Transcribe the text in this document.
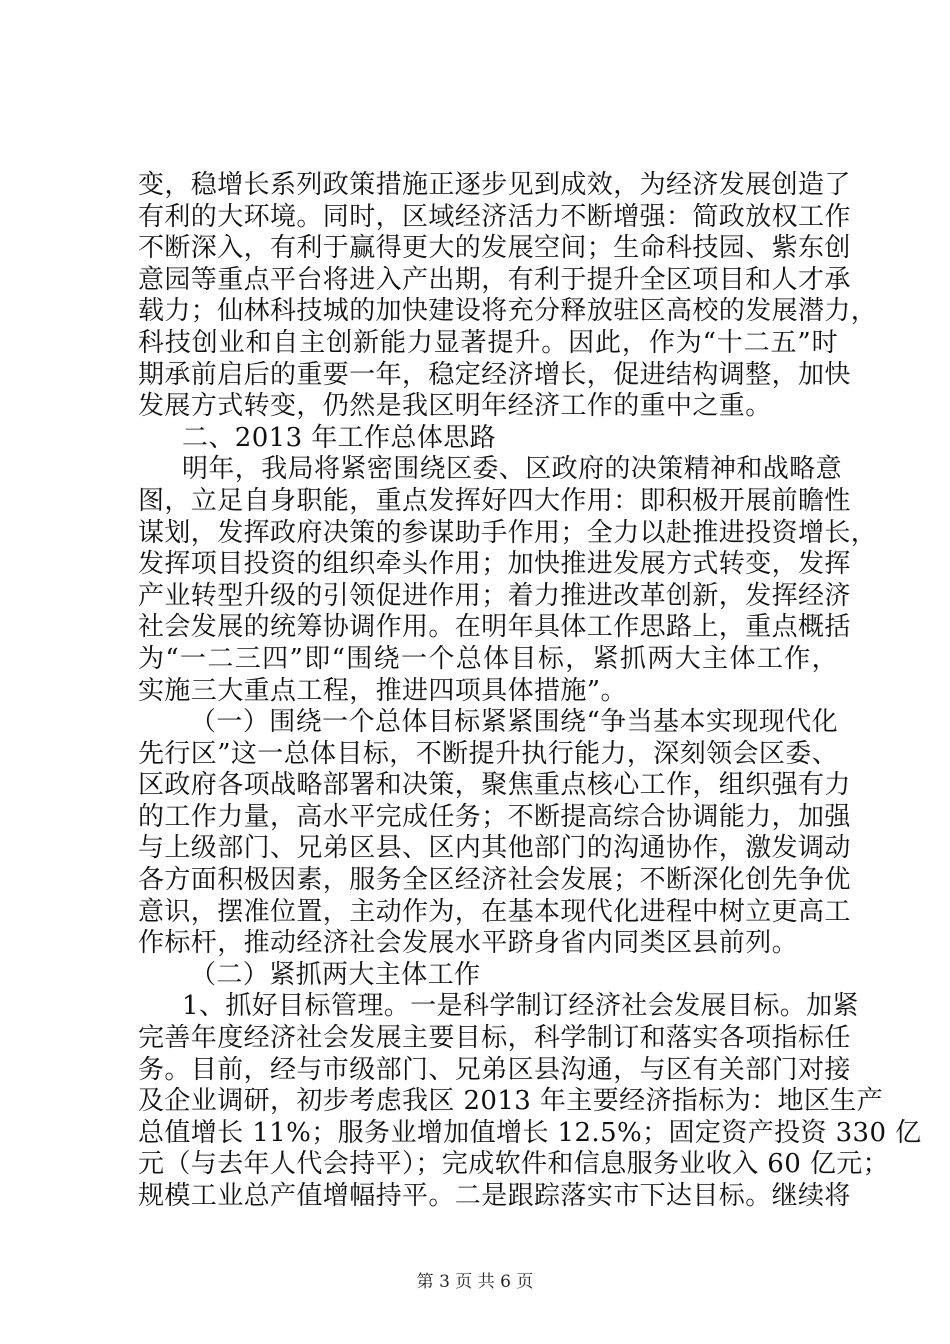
变，稳增长系列政策措施正逐步见到成效，为经济发展创造了
有利的大环境。同时，区域经济活力不断增强：简政放权工作
不断深入，有利于赢得更大的发展空间；生命科技园、紫东创
意园等重点平台将进入产出期，有利于提升全区项目和人才承
载力；仙林科技城的加快建设将充分释放驻区高校的发展潜力，
科技创业和自主创新能力显著提升。因此，作为“十二五”时
期承前启后的重要一年，稳定经济增长，促进结构调整，加快
发展方式转变，仍然是我区明年经济工作的重中之重。
二、2013 年工作总体思路
明年，我局将紧密围绕区委、区政府的决策精神和战略意
图，立足自身职能，重点发挥好四大作用：即积极开展前瞻性
谋划，发挥政府决策的参谋助手作用；全力以赴推进投资增长，
发挥项目投资的组织牵头作用；加快推进发展方式转变，发挥
产业转型升级的引领促进作用；着力推进改革创新，发挥经济
社会发展的统筹协调作用。在明年具体工作思路上，重点概括
为“一二三四”即“围绕一个总体目标，紧抓两大主体工作，
实施三大重点工程，推进四项具体措施”。
（一）围绕一个总体目标紧紧围绕“争当基本实现现代化
先行区”这一总体目标，不断提升执行能力，深刻领会区委、
区政府各项战略部署和决策，聚焦重点核心工作，组织强有力
的工作力量，高水平完成任务；不断提高综合协调能力，加强
与上级部门、兄弟区县、区内其他部门的沟通协作，激发调动
各方面积极因素，服务全区经济社会发展；不断深化创先争优
意识，摆准位置，主动作为，在基本现代化进程中树立更高工
作标杆，推动经济社会发展水平跻身省内同类区县前列。
（二）紧抓两大主体工作
1、抓好目标管理。一是科学制订经济社会发展目标。加紧
完善年度经济社会发展主要目标，科学制订和落实各项指标任
务。目前，经与市级部门、兄弟区县沟通，与区有关部门对接
及企业调研，初步考虑我区 2013 年主要经济指标为：地区生产
总值增长 11%；服务业增加值增长 12.5%；固定资产投资 330 亿
元（与去年人代会持平）；完成软件和信息服务业收入 60 亿元；
规模工业总产值增幅持平。二是跟踪落实市下达目标。继续将
第 3 页 共 6 页
